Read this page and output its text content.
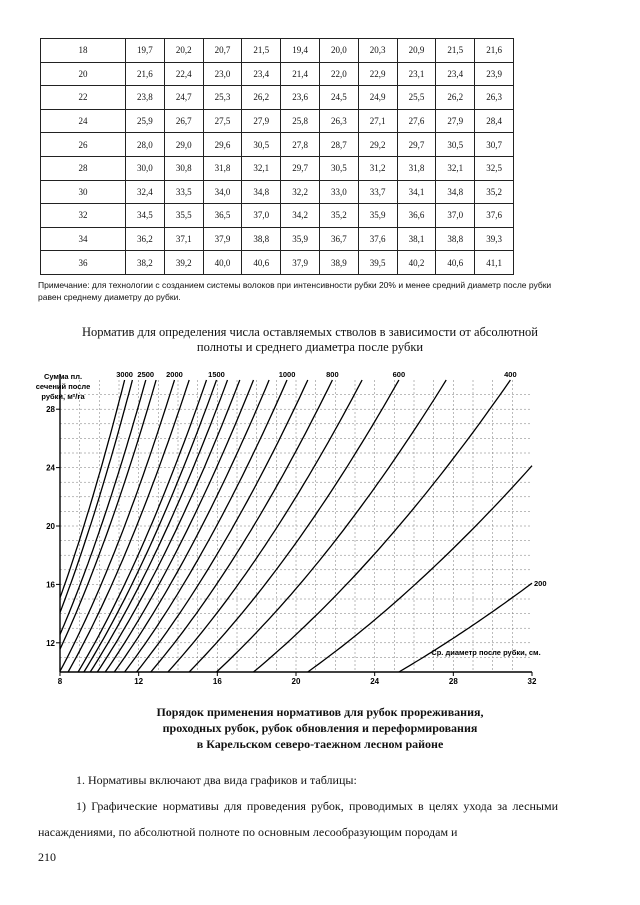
18	19,7	20,2	20,7	21,5	19,4	20,0	20,3	20,9	21,5	21,6
20	21,6	22,4	23,0	23,4	21,4	22,0	22,9	23,1	23,4	23,9
22	23,8	24,7	25,3	26,2	23,6	24,5	24,9	25,5	26,2	26,3
24	25,9	26,7	27,5	27,9	25,8	26,3	27,1	27,6	27,9	28,4
26	28,0	29,0	29,6	30,5	27,8	28,7	29,2	29,7	30,5	30,7
28	30,0	30,8	31,8	32,1	29,7	30,5	31,2	31,8	32,1	32,5
30	32,4	33,5	34,0	34,8	32,2	33,0	33,7	34,1	34,8	35,2
32	34,5	35,5	36,5	37,0	34,2	35,2	35,9	36,6	37,0	37,6
34	36,2	37,1	37,9	38,8	35,9	36,7	37,6	38,1	38,8	39,3
36	38,2	39,2	40,0	40,6	37,9	38,9	39,5	40,2	40,6	41,1
Примечание: для технологии с созданием системы волоков при интенсивности рубки 20% и менее средний диаметр после рубки равен среднему диаметру до рубки.
Норматив для определения числа оставляемых стволов в зависимости от абсолютной полноты и среднего диаметра после рубки
8	12	16	20	24	28	32
12
16
20
24
28
Сумма пл.
сечений после
рубки, м²/га
Ср. диаметр после рубки, см.
3000 2500 2000	1500	1000	800	600	400
200
Порядок применения нормативов для рубок прореживания,
проходных рубок, рубок обновления и переформирования
в Карельском северо-таежном лесном районе
1. Нормативы включают два вида графиков и таблицы:
1) Графические нормативы для проведения рубок, проводимых в целях ухода за лесными насаждениями, по абсолютной полноте по основным лесообразующим породам и
210
